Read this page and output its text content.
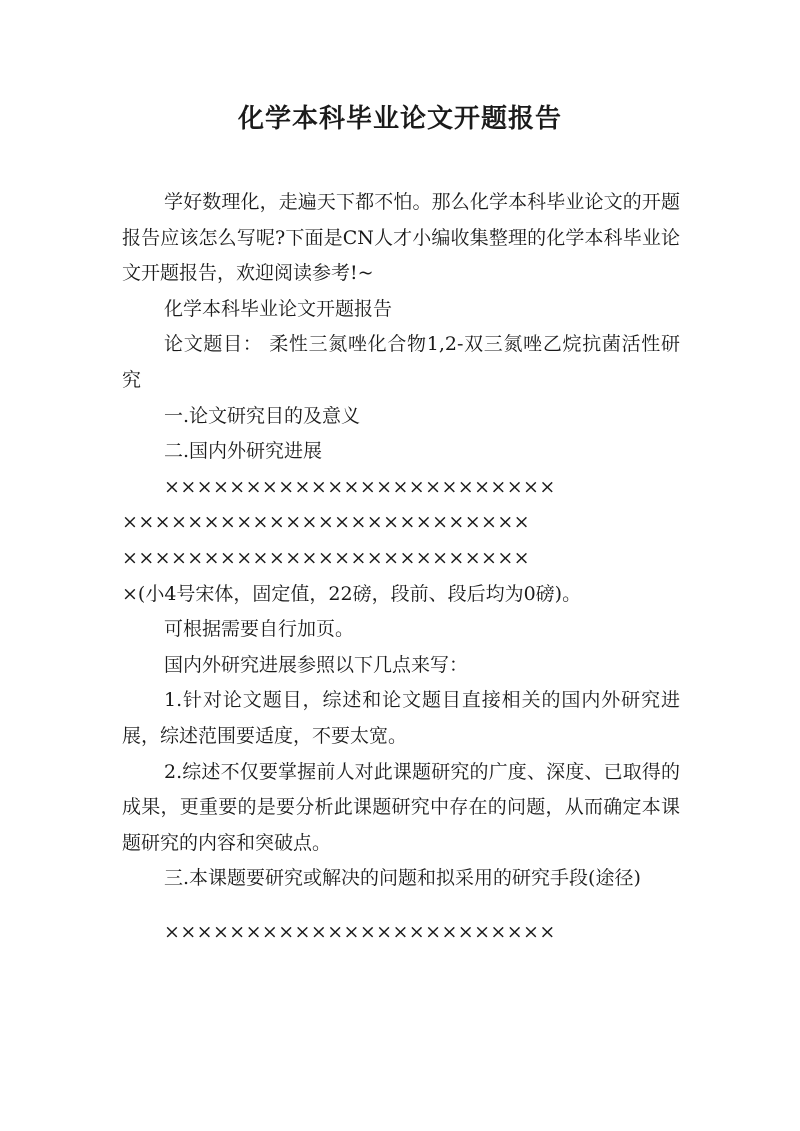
化学本科毕业论文开题报告

学好数理化，走遍天下都不怕。那么化学本科毕业论文的开题报告应该怎么写呢?下面是CN人才小编收集整理的化学本科毕业论文开题报告，欢迎阅读参考!~

化学本科毕业论文开题报告

论文题目： 柔性三氮唑化合物1,2-双三氮唑乙烷抗菌活性研究

一.论文研究目的及意义

二.国内外研究进展

××××××××××××××××××××××××

×××××××××××××××××××××××××

×××××××××××××××××××××××××

×(小4号宋体，固定值，22磅，段前、段后均为0磅)。

可根据需要自行加页。

国内外研究进展参照以下几点来写：

1.针对论文题目，综述和论文题目直接相关的国内外研究进展，综述范围要适度，不要太宽。

2.综述不仅要掌握前人对此课题研究的广度、深度、已取得的成果，更重要的是要分析此课题研究中存在的问题，从而确定本课题研究的内容和突破点。

三.本课题要研究或解决的问题和拟采用的研究手段(途径)

××××××××××××××××××××××××
